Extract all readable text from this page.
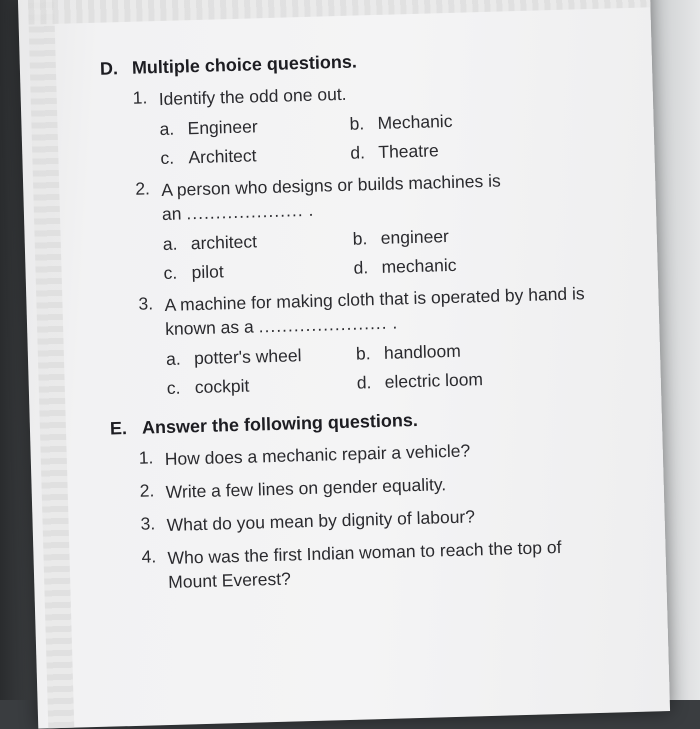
D. Multiple choice questions.
1. Identify the odd one out.
a. Engineer	b. Mechanic
c. Architect	d. Theatre
2. A person who designs or builds machines is
an .................... .
a. architect	b. engineer
c. pilot	d. mechanic
3. A machine for making cloth that is operated by hand is
known as a ...................... .
a. potter's wheel	b. handloom
c. cockpit	d. electric loom
E. Answer the following questions.
1. How does a mechanic repair a vehicle?
2. Write a few lines on gender equality.
3. What do you mean by dignity of labour?
4. Who was the first Indian woman to reach the top of
Mount Everest?
